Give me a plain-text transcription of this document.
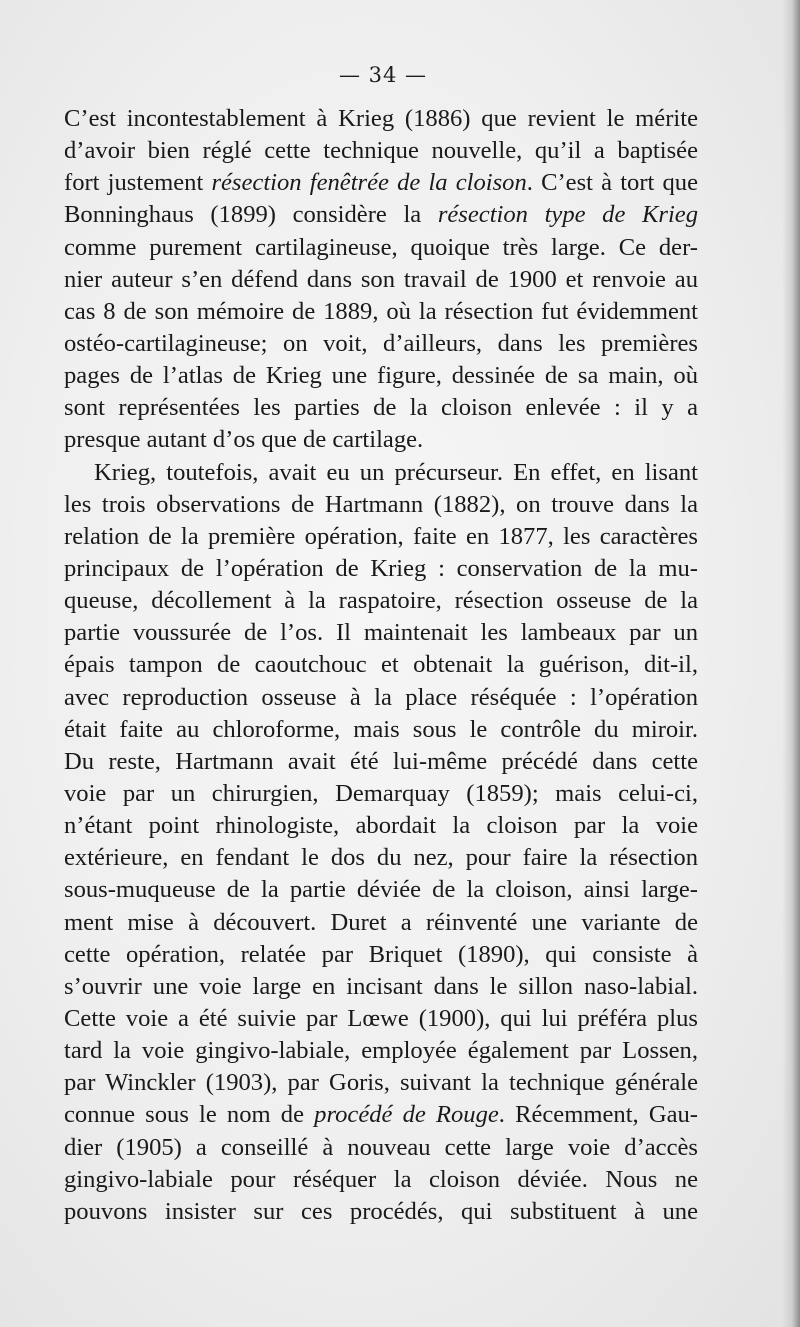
— 34 —
C’est incontestablement à Krieg (1886) que revient le mérite
d’avoir bien réglé cette technique nouvelle, qu’il a baptisée
fort justement résection fenêtrée de la cloison. C’est à tort que
Bonninghaus (1899) considère la résection type de Krieg
comme purement cartilagineuse, quoique très large. Ce der-
nier auteur s’en défend dans son travail de 1900 et renvoie au
cas 8 de son mémoire de 1889, où la résection fut évidemment
ostéo-cartilagineuse; on voit, d’ailleurs, dans les premières
pages de l’atlas de Krieg une figure, dessinée de sa main, où
sont représentées les parties de la cloison enlevée : il y a
presque autant d’os que de cartilage.
Krieg, toutefois, avait eu un précurseur. En effet, en lisant
les trois observations de Hartmann (1882), on trouve dans la
relation de la première opération, faite en 1877, les caractères
principaux de l’opération de Krieg : conservation de la mu-
queuse, décollement à la raspatoire, résection osseuse de la
partie voussurée de l’os. Il maintenait les lambeaux par un
épais tampon de caoutchouc et obtenait la guérison, dit-il,
avec reproduction osseuse à la place réséquée : l’opération
était faite au chloroforme, mais sous le contrôle du miroir.
Du reste, Hartmann avait été lui-même précédé dans cette
voie par un chirurgien, Demarquay (1859); mais celui-ci,
n’étant point rhinologiste, abordait la cloison par la voie
extérieure, en fendant le dos du nez, pour faire la résection
sous-muqueuse de la partie déviée de la cloison, ainsi large-
ment mise à découvert. Duret a réinventé une variante de
cette opération, relatée par Briquet (1890), qui consiste à
s’ouvrir une voie large en incisant dans le sillon naso-labial.
Cette voie a été suivie par Lœwe (1900), qui lui préféra plus
tard la voie gingivo-labiale, employée également par Lossen,
par Winckler (1903), par Goris, suivant la technique générale
connue sous le nom de procédé de Rouge. Récemment, Gau-
dier (1905) a conseillé à nouveau cette large voie d’accès
gingivo-labiale pour réséquer la cloison déviée. Nous ne
pouvons insister sur ces procédés, qui substituent à une
